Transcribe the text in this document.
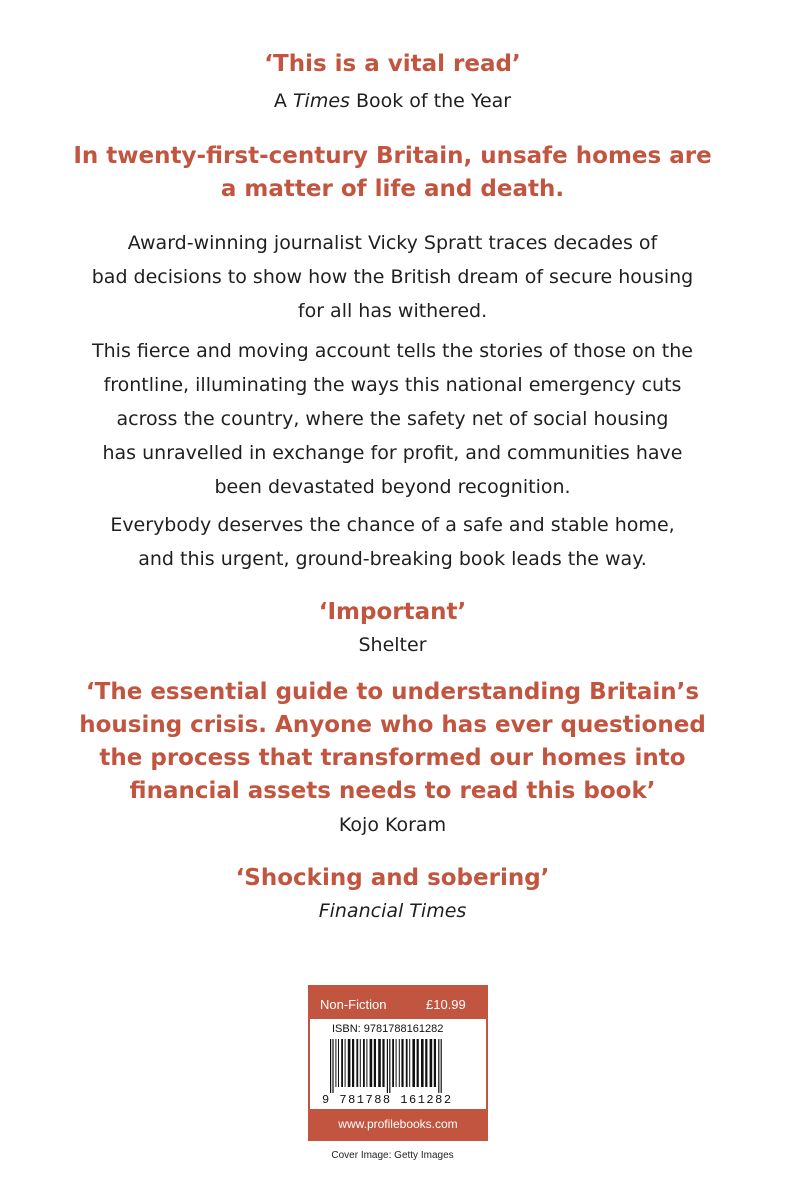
‘This is a vital read’
A Times Book of the Year
In twenty-first-century Britain, unsafe homes are
a matter of life and death.
Award-winning journalist Vicky Spratt traces decades of
bad decisions to show how the British dream of secure housing
for all has withered.
This fierce and moving account tells the stories of those on the
frontline, illuminating the ways this national emergency cuts
across the country, where the safety net of social housing
has unravelled in exchange for profit, and communities have
been devastated beyond recognition.
Everybody deserves the chance of a safe and stable home,
and this urgent, ground-breaking book leads the way.
‘Important’
Shelter
‘The essential guide to understanding Britain’s
housing crisis. Anyone who has ever questioned
the process that transformed our homes into
financial assets needs to read this book’
Kojo Koram
‘Shocking and sobering’
Financial Times
Non-Fiction	£10.99
ISBN: 9781788161282
9 781788 161282
www.profilebooks.com
Cover Image: Getty Images
